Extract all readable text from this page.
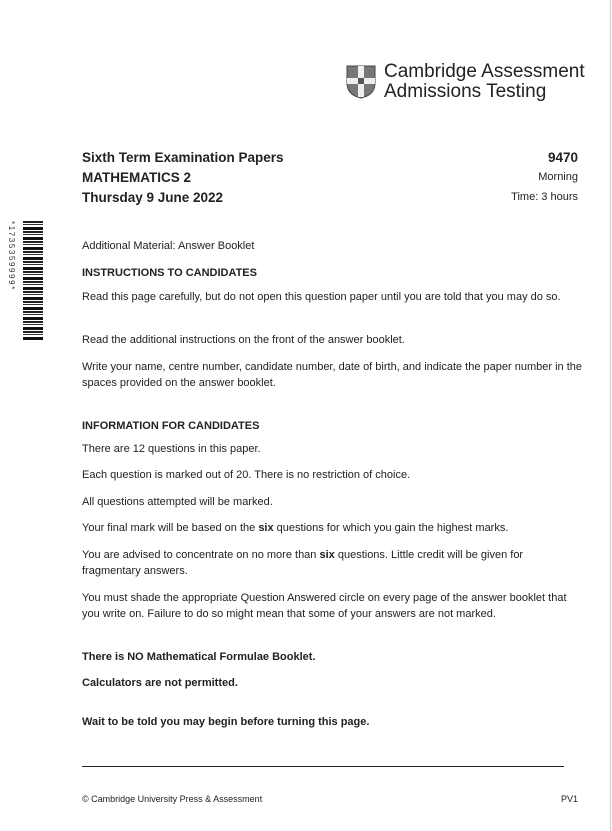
Cambridge Assessment
Admissions Testing
*1735359999*
Sixth Term Examination Papers
MATHEMATICS 2
Thursday 9 June 2022
9470
Morning
Time: 3 hours
Additional Material: Answer Booklet
INSTRUCTIONS TO CANDIDATES
Read this page carefully, but do not open this question paper until you are told that you may do so.
Read the additional instructions on the front of the answer booklet.
Write your name, centre number, candidate number, date of birth, and indicate the paper number in the spaces provided on the answer booklet.
INFORMATION FOR CANDIDATES
There are 12 questions in this paper.
Each question is marked out of 20. There is no restriction of choice.
All questions attempted will be marked.
Your final mark will be based on the six questions for which you gain the highest marks.
You are advised to concentrate on no more than six questions. Little credit will be given for fragmentary answers.
You must shade the appropriate Question Answered circle on every page of the answer booklet that you write on. Failure to do so might mean that some of your answers are not marked.
There is NO Mathematical Formulae Booklet.
Calculators are not permitted.
Wait to be told you may begin before turning this page.
© Cambridge University Press & Assessment	PV1
